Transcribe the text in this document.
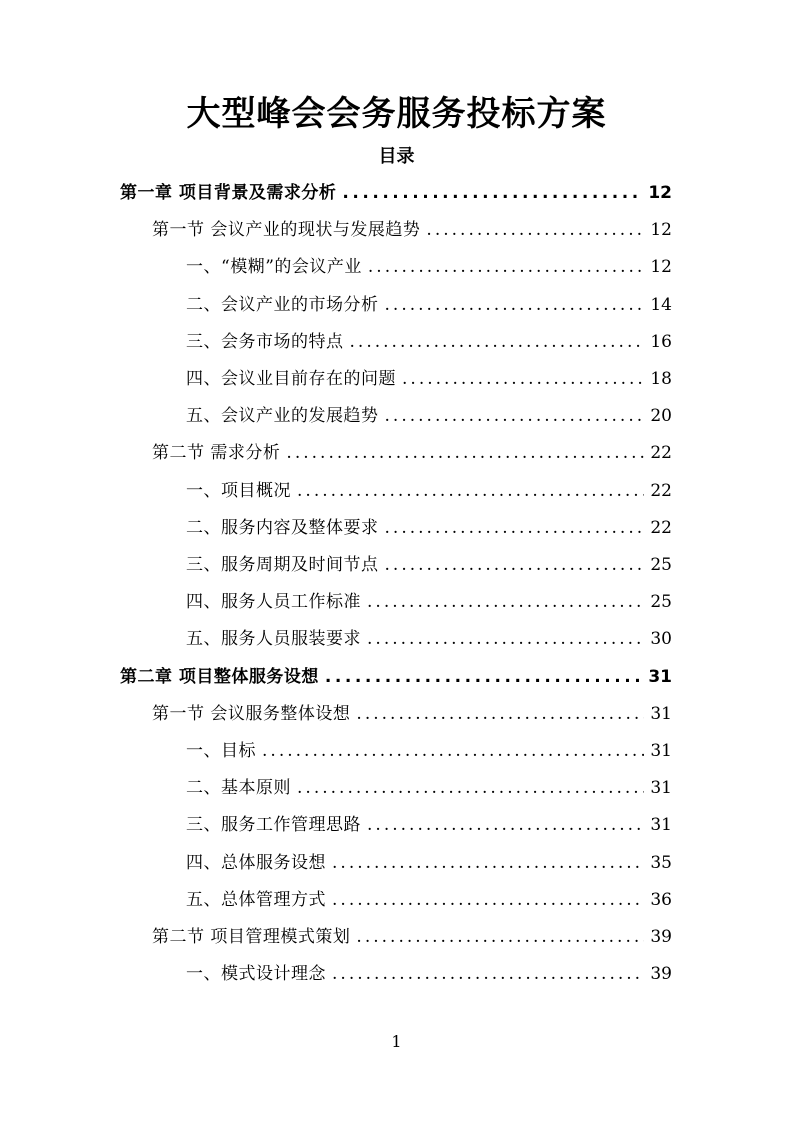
大型峰会会务服务投标方案
目录
第一章 项目背景及需求分析 . . .	12
第一节 会议产业的现状与发展趋势 . . .	12
一、“模糊”的会议产业 . . .	12
二、会议产业的市场分析 . . .	14
三、会务市场的特点 . . .	16
四、会议业目前存在的问题 . . .	18
五、会议产业的发展趋势 . . .	20
第二节 需求分析 . . .	22
一、项目概况 . . .	22
二、服务内容及整体要求 . . .	22
三、服务周期及时间节点 . . .	25
四、服务人员工作标准 . . .	25
五、服务人员服装要求 . . .	30
第二章 项目整体服务设想 . . .	31
第一节 会议服务整体设想 . . .	31
一、目标 . . .	31
二、基本原则 . . .	31
三、服务工作管理思路 . . .	31
四、总体服务设想 . . .	35
五、总体管理方式 . . .	36
第二节 项目管理模式策划 . . .	39
一、模式设计理念 . . .	39
1
